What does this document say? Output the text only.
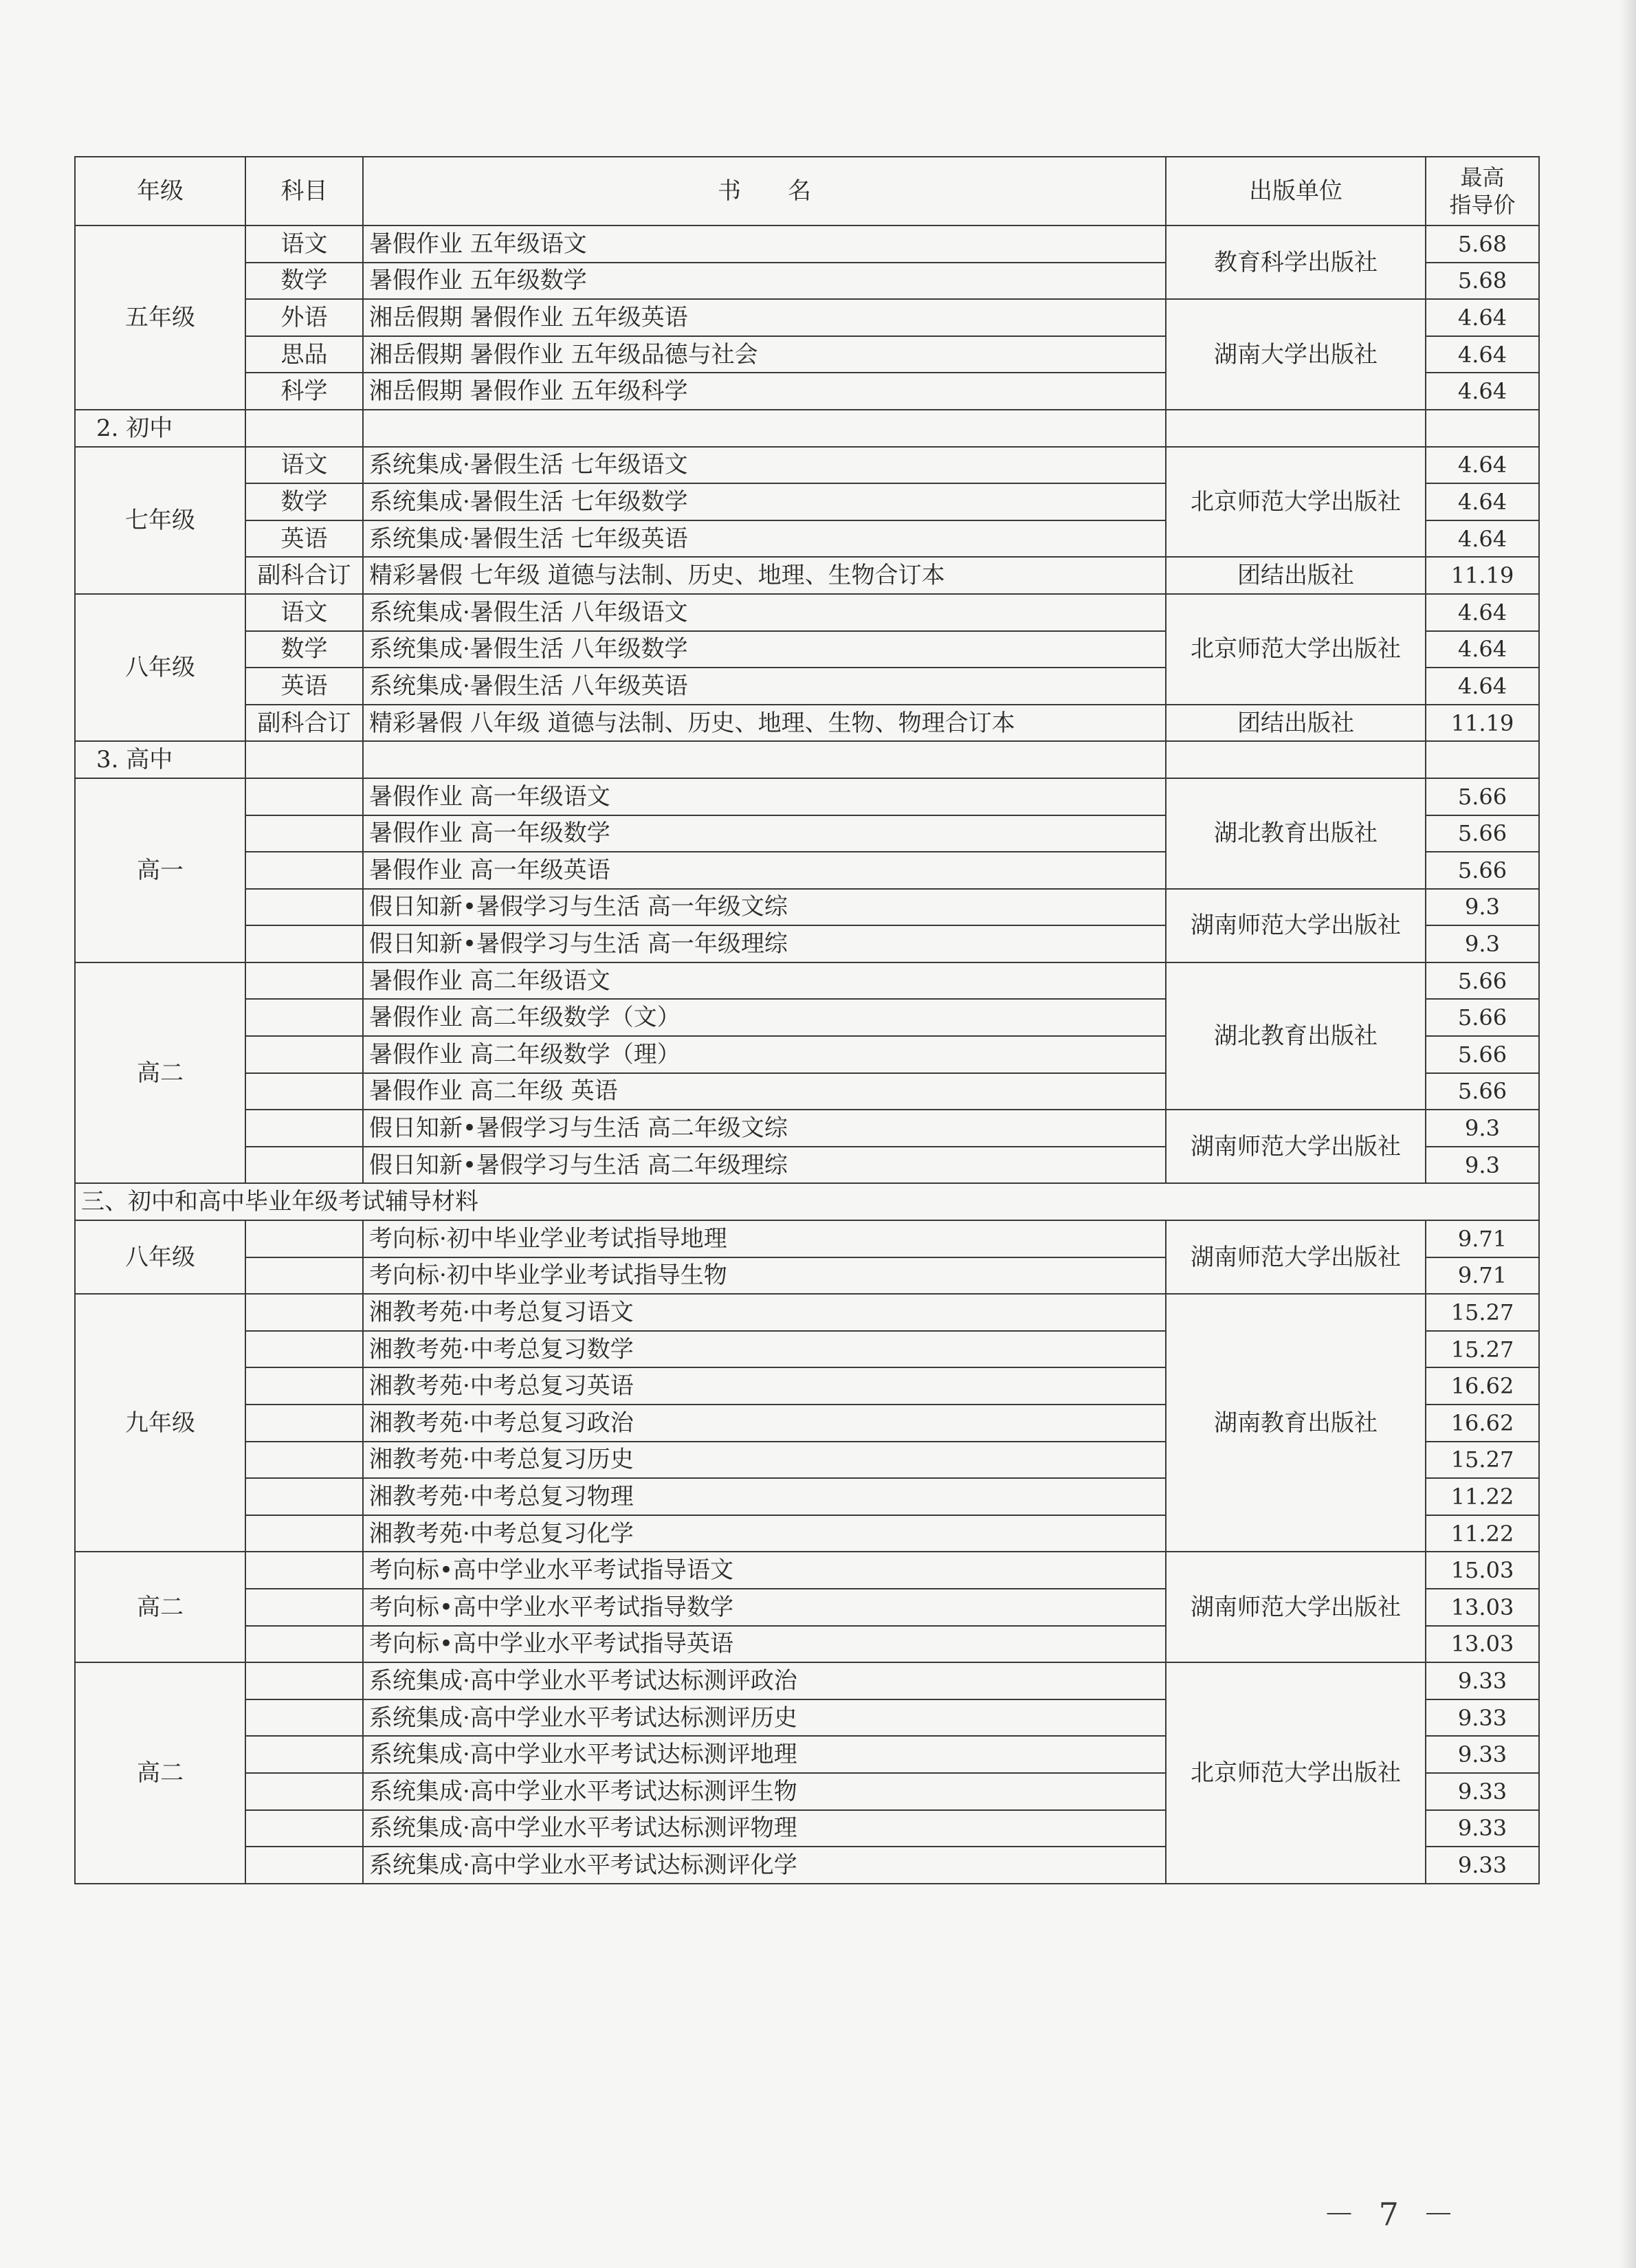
年级	科目	书　　名	出版单位	最高
指导价
五年级	语文	暑假作业 五年级语文	教育科学出版社	5.68
	数学	暑假作业 五年级数学		5.68
	外语	湘岳假期 暑假作业 五年级英语	湖南大学出版社	4.64
	思品	湘岳假期 暑假作业 五年级品德与社会		4.64
	科学	湘岳假期 暑假作业 五年级科学		4.64
2. 初中				
七年级	语文	系统集成·暑假生活 七年级语文	北京师范大学出版社	4.64
	数学	系统集成·暑假生活 七年级数学		4.64
	英语	系统集成·暑假生活 七年级英语		4.64
	副科合订	精彩暑假 七年级 道德与法制、历史、地理、生物合订本	团结出版社	11.19
八年级	语文	系统集成·暑假生活 八年级语文	北京师范大学出版社	4.64
	数学	系统集成·暑假生活 八年级数学		4.64
	英语	系统集成·暑假生活 八年级英语		4.64
	副科合订	精彩暑假 八年级 道德与法制、历史、地理、生物、物理合订本	团结出版社	11.19
3. 高中				
高一		暑假作业 高一年级语文	湖北教育出版社	5.66
		暑假作业 高一年级数学		5.66
		暑假作业 高一年级英语		5.66
		假日知新•暑假学习与生活 高一年级文综	湖南师范大学出版社	9.3
		假日知新•暑假学习与生活 高一年级理综		9.3
高二		暑假作业 高二年级语文	湖北教育出版社	5.66
		暑假作业 高二年级数学（文）		5.66
		暑假作业 高二年级数学（理）		5.66
		暑假作业 高二年级 英语		5.66
		假日知新•暑假学习与生活 高二年级文综	湖南师范大学出版社	9.3
		假日知新•暑假学习与生活 高二年级理综		9.3
三、初中和高中毕业年级考试辅导材料				
八年级		考向标·初中毕业学业考试指导地理	湖南师范大学出版社	9.71
		考向标·初中毕业学业考试指导生物		9.71
九年级		湘教考苑·中考总复习语文	湖南教育出版社	15.27
		湘教考苑·中考总复习数学		15.27
		湘教考苑·中考总复习英语		16.62
		湘教考苑·中考总复习政治		16.62
		湘教考苑·中考总复习历史		15.27
		湘教考苑·中考总复习物理		11.22
		湘教考苑·中考总复习化学		11.22
高二		考向标•高中学业水平考试指导语文	湖南师范大学出版社	15.03
		考向标•高中学业水平考试指导数学		13.03
		考向标•高中学业水平考试指导英语		13.03
高二		系统集成·高中学业水平考试达标测评政治	北京师范大学出版社	9.33
		系统集成·高中学业水平考试达标测评历史		9.33
		系统集成·高中学业水平考试达标测评地理		9.33
		系统集成·高中学业水平考试达标测评生物		9.33
		系统集成·高中学业水平考试达标测评物理		9.33
		系统集成·高中学业水平考试达标测评化学		9.33
－ 7 －
